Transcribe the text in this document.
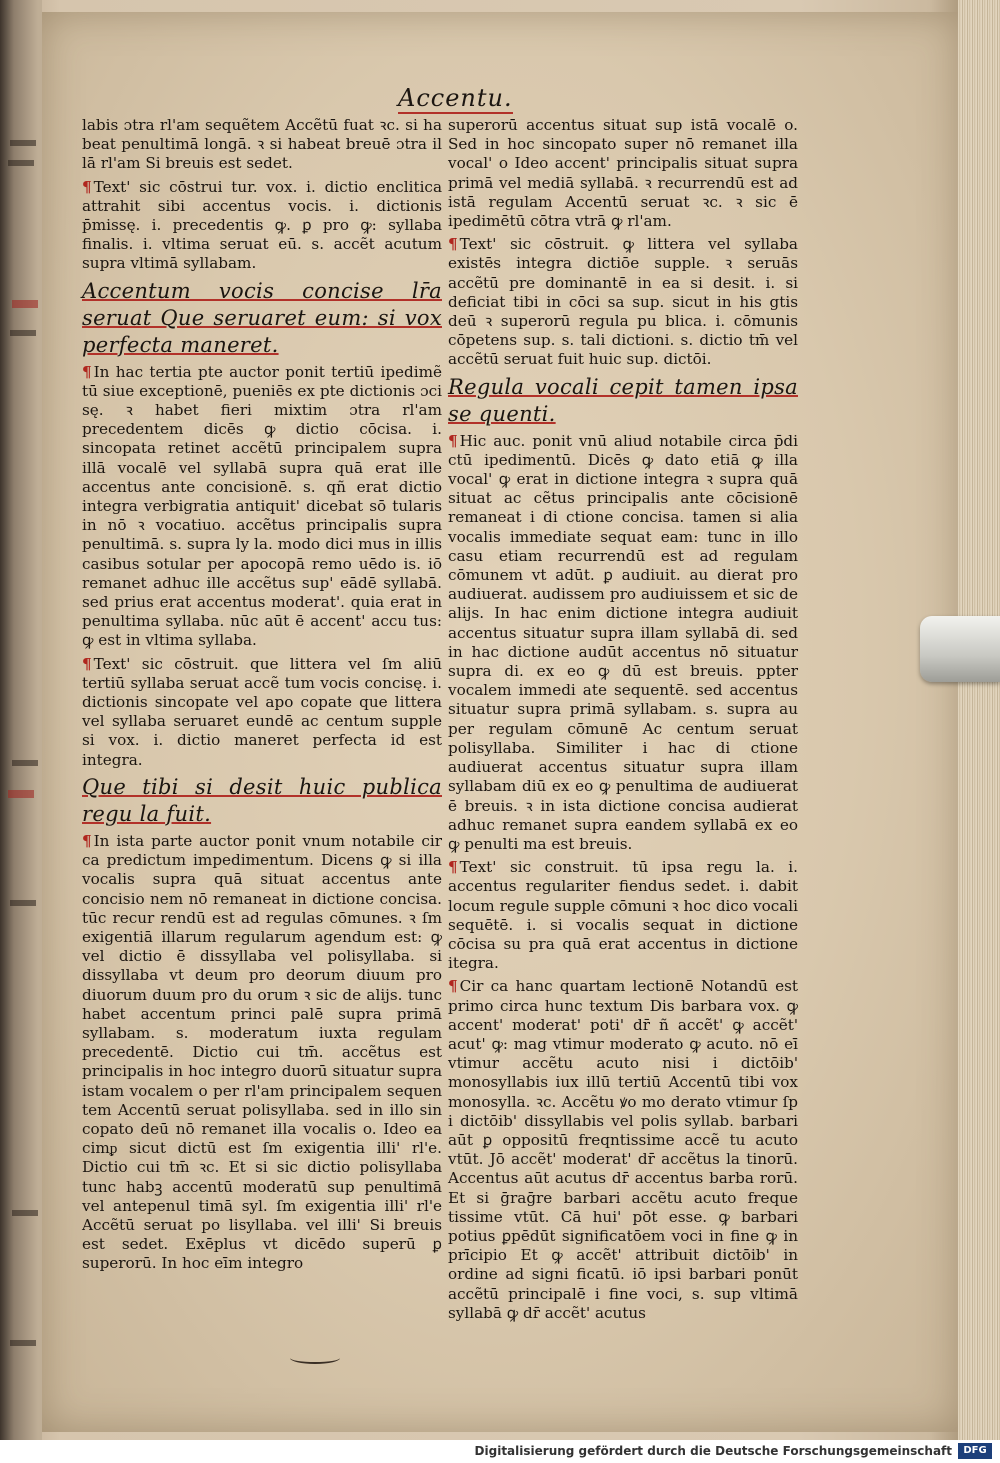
Accentu.

labis ɔtra rl'am sequẽtem Accẽtū fuat ꝛc. si ha beat penultimā longā. ꝛ si habeat breuē ɔtra il lā rl'am Si breuis est sedet.

¶ Text' sic cōstrui tur. vox. i. dictio enclitica attrahit sibi accentus vocis. i. dictionis p̄missę. i. precedentis ꝙ. ꝑ pro ꝙ: syllaba finalis. i. vltima seruat eū. s. accẽt acutum supra vltimā syllabam.

Accentum vocis concise lr̄a seruat Que seruaret eum: si vox perfecta maneret.

¶ In hac tertia pte auctor ponit tertiū ipedimẽ tū siue exceptionē, pueniēs ex pte dictionis ɔci sę. ꝛ habet fieri mixtim ɔtra rl'am precedentem dicēs ꝙ dictio cōcisa. i. sincopata retinet accẽtū principalem supra illā vocalē vel syllabā supra quā erat ille accentus ante concisionē. s. qñ erat dictio integra verbigratia antiquit' dicebat sō tularis in nō ꝛ vocatiuo. accẽtus principalis supra penultimā. s. supra ly la. modo dici mus in illis casibus sotular per apocopā remo uēdo is. iō remanet adhuc ille accẽtus sup' eādē syllabā. sed prius erat accentus moderat'. quia erat in penultima syllaba. nūc aūt ē accent' accu tus: ꝙ est in vltima syllaba.

¶ Text' sic cōstruit. que littera vel ſm aliū tertiū syllaba seruat accẽ tum vocis concisę. i. dictionis sincopate vel apo copate que littera vel syllaba seruaret eundē ac centum supple si vox. i. dictio maneret perfecta id est integra.

Que tibi si desit huic publica regu la fuit.

¶ In ista parte auctor ponit vnum notabile cir ca predictum impedimentum. Dicens ꝙ si illa vocalis supra quā situat accentus ante concisio nem nō remaneat in dictione concisa. tūc recur rendū est ad regulas cōmunes. ꝛ ſm exigentiā illarum regularum agendum est: ꝙ vel dictio ē dissyllaba vel polisyllaba. si dissyllaba vt deum pro deorum diuum pro diuorum duum pro du orum ꝛ sic de alijs. tunc habet accentum princi palē supra primā syllabam. s. moderatum iuxta regulam precedentē. Dictio cui tm̄. accẽtus est principalis in hoc integro duorū situatur supra istam vocalem o per rl'am principalem sequen tem Accentū seruat polisyllaba. sed in illo sin copato deū nō remanet illa vocalis o. Ideo ea cimᵱ sicut dictū est ſm exigentia illi' rl'e. Dictio cui tm̄ ꝛc. Et si sic dictio polisyllaba tunc habꝫ accentū moderatū sup penultimā vel antepenul timā syl. ſm exigentia illi' rl'e Accẽtū seruat po lisyllaba. vel illi' Si breuis est sedet. Exēplus vt dicēdo superū ꝑ superorū. In hoc eīm integro

superorū accentus situat sup istā vocalē o. Sed in hoc sincopato super nō remanet illa vocal' o Ideo accent' principalis situat supra primā vel mediā syllabā. ꝛ recurrendū est ad istā regulam Accentū seruat ꝛc. ꝛ sic ē ipedimētū cōtra vtrā ꝙ rl'am.

¶ Text' sic cōstruit. ꝙ littera vel syllaba existēs integra dictiōe supple. ꝛ seruās accẽtū pre dominantē in ea si desit. i. si deficiat tibi in cōci sa sup. sicut in his gtis deū ꝛ superorū regula pu blica. i. cōmunis cōpetens sup. s. tali dictioni. s. dictio tm̄ vel accẽtū seruat fuit huic sup. dictōi.

Regula vocali cepit tamen ipsa se quenti.

¶ Hic auc. ponit vnū aliud notabile circa p̄di ctū ipedimentū. Dicēs ꝙ dato etiā ꝙ illa vocal' ꝙ erat in dictione integra ꝛ supra quā situat ac cẽtus principalis ante cōcisionē remaneat i di ctione concisa. tamen si alia vocalis immediate sequat eam: tunc in illo casu etiam recurrendū est ad regulam cōmunem vt adūt. ꝑ audiuit. au dierat pro audiuerat. audissem pro audiuissem et sic de alijs. In hac enim dictione integra audiuit accentus situatur supra illam syllabā di. sed in hac dictione audūt accentus nō situatur supra di. ex eo ꝙ dū est breuis. ppter vocalem immedi ate sequentē. sed accentus situatur supra primā syllabam. s. supra au per regulam cōmunē Ac centum seruat polisyllaba. Similiter i hac di ctione audiuerat accentus situatur supra illam syllabam diū ex eo ꝙ penultima de audiuerat ē breuis. ꝛ in ista dictione concisa audierat adhuc remanet supra eandem syllabā ex eo ꝙ penulti ma est breuis.

¶ Text' sic construit. tū ipsa regu la. i. accentus regulariter fiendus sedet. i. dabit locum regule supple cōmuni ꝛ hoc dico vocali sequētē. i. si vocalis sequat in dictione cōcisa su pra quā erat accentus in dictione itegra.

¶ Cir ca hanc quartam lectionē Notandū est primo circa hunc textum Dis barbara vox. ꝙ accent' moderat' poti' dr̄ ñ accẽt' ꝙ accẽt' acut' ꝙ: mag vtimur moderato ꝙ acuto. nō eī vtimur accẽtu acuto nisi i dictōib' monosyllabis iux illū tertiū Accentū tibi vox monosylla. ꝛc. Accẽtu ꝟo mo derato vtimur ſp i dictōib' dissyllabis vel polis syllab. barbari aūt ꝑ oppositū freqntissime accẽ tu acuto vtūt. Jō accẽt' moderat' dr̄ accẽtus la tinorū. Accentus aūt acutus dr̄ accentus barba rorū. Et si ḡraḡre barbari accẽtu acuto freque tissime vtūt. Cā hui' pōt esse. ꝙ barbari potius ꝑpēdūt significatōem voci in fine ꝙ in prīcipio Et ꝙ accẽt' attribuit dictōib' in ordine ad signi ficatū. iō ipsi barbari ponūt accẽtū principalē i fine voci, s. sup vltimā syllabā ꝙ dr̄ accẽt' acutus

Digitalisierung gefördert durch die Deutsche Forschungsgemeinschaft	DFG
